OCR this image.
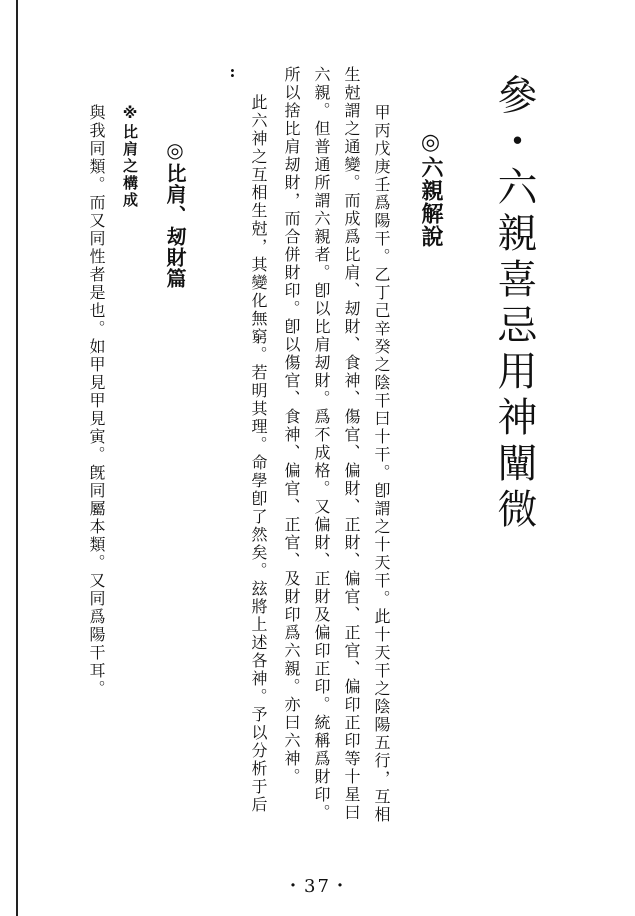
參・六親喜忌用神闡微
◎六親解說
甲丙戊庚壬爲陽干。乙丁己辛癸之陰干曰十干。卽謂之十天干。此十天干之陰陽五行，互相
生尅謂之通變。而成爲比肩、刼財、食神、傷官、偏財、正財、偏官、正官、偏印正印等十星曰
六親。但普通所謂六親者。卽以比肩刼財。爲不成格。又偏財、正財及偏印正印。統稱爲財印。
所以捨比肩刼財，而合併財印。卽以傷官、食神、偏官、正官、及財印爲六親。亦曰六神。
此六神之互相生尅，其變化無窮。若明其理。命學卽了然矣。玆將上述各神。予以分析于后
:
◎比肩、刼財篇
※比肩之構成
與我同類。而又同性者是也。如甲見甲見寅。旣同屬本類。又同爲陽干耳。
・37・
